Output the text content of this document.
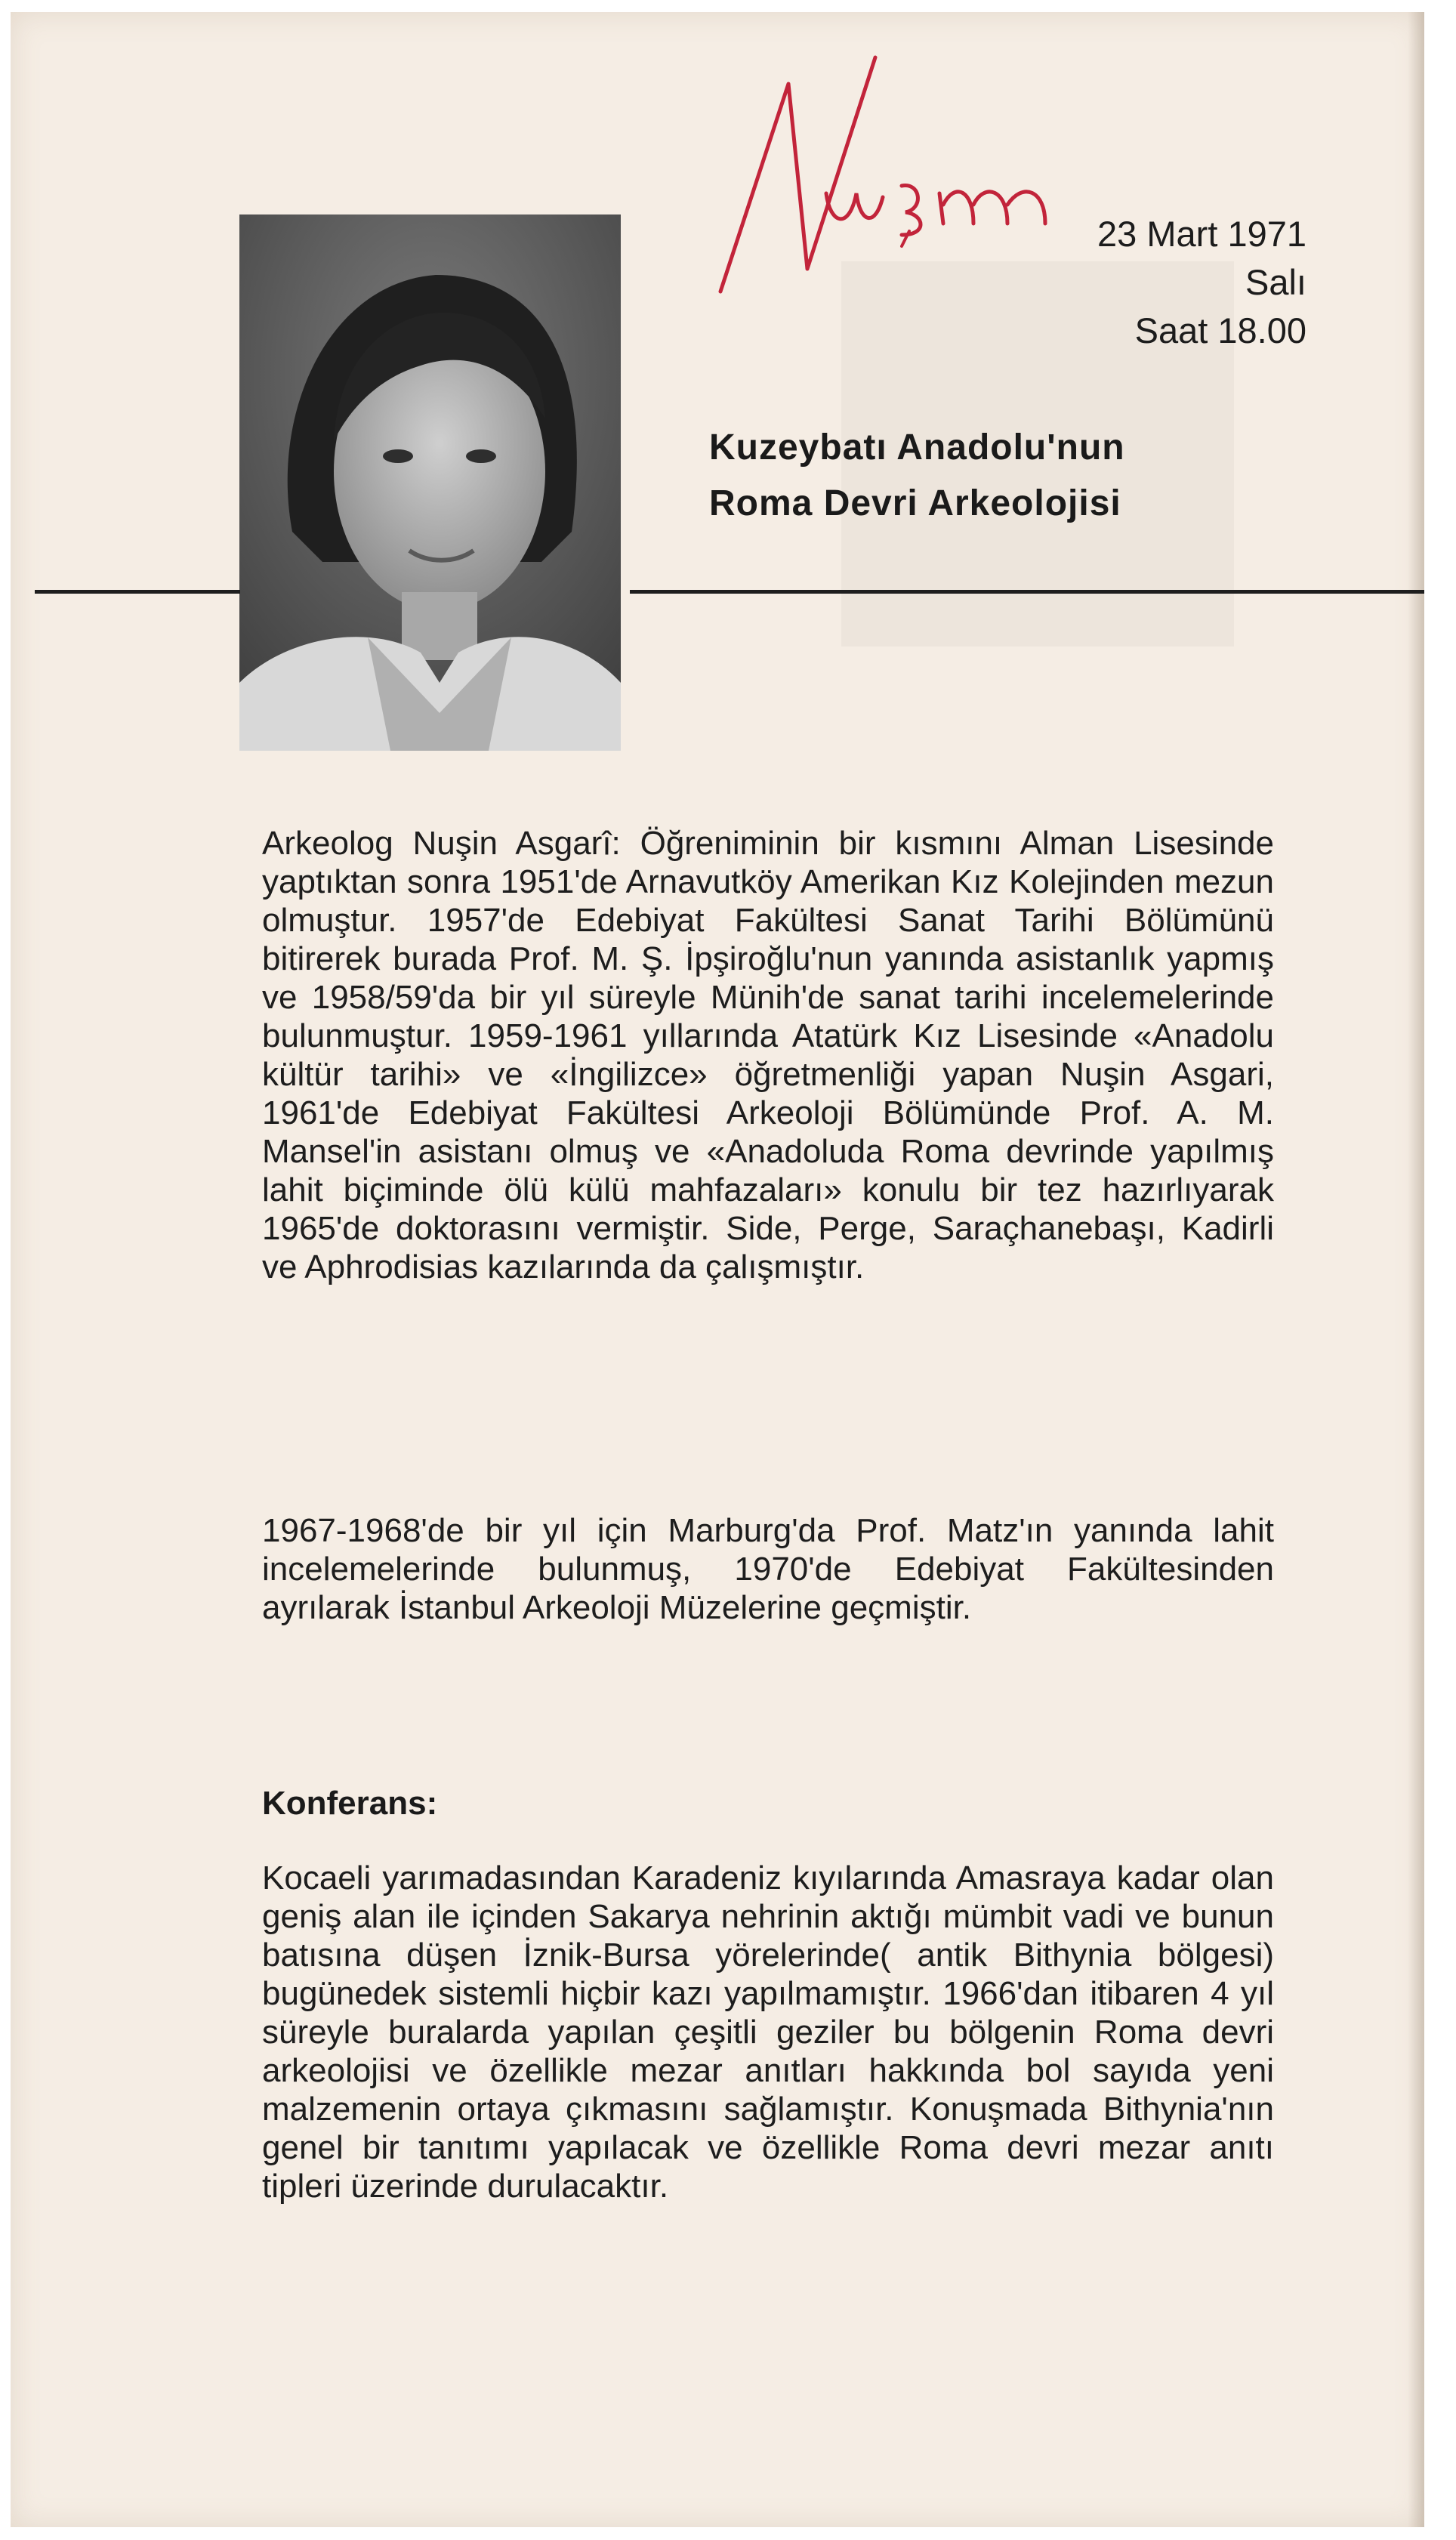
23 Mart 1971
Salı
Saat 18.00
Kuzeybatı Anadolu'nun
Roma Devri Arkeolojisi
Arkeolog Nuşin Asgarî: Öğreniminin bir kısmını Alman Lisesinde yaptıktan sonra 1951'de Arnavutköy Amerikan Kız Kolejinden mezun olmuştur. 1957'de Edebiyat Fakültesi Sanat Tarihi Bölümünü bitirerek burada Prof. M. Ş. İpşiroğlu'nun yanında asistanlık yapmış ve 1958/59'da bir yıl süreyle Münih'de sanat tarihi incelemelerinde bulunmuştur. 1959-1961 yıllarında Atatürk Kız Lisesinde «Anadolu kültür tarihi» ve «İngilizce» öğretmenliği yapan Nuşin Asgari, 1961'de Edebiyat Fakültesi Arkeoloji Bölümünde Prof. A. M. Mansel'in asistanı olmuş ve «Anadoluda Roma devrinde yapılmış lahit biçiminde ölü külü mahfazaları» konulu bir tez hazırlıyarak 1965'de doktorasını vermiştir. Side, Perge, Saraçhanebaşı, Kadirli ve Aphrodisias kazılarında da çalışmıştır.
1967-1968'de bir yıl için Marburg'da Prof. Matz'ın yanında lahit incelemelerinde bulunmuş, 1970'de Edebiyat Fakültesinden ayrılarak İstanbul Arkeoloji Müzelerine geçmiştir.
Konferans:
Kocaeli yarımadasından Karadeniz kıyılarında Amasraya kadar olan geniş alan ile içinden Sakarya nehrinin aktığı mümbit vadi ve bunun batısına düşen İznik-Bursa yörelerinde( antik Bithynia bölgesi) bugünedek sistemli hiçbir kazı yapılmamıştır. 1966'dan itibaren 4 yıl süreyle buralarda yapılan çeşitli geziler bu bölgenin Roma devri arkeolojisi ve özellikle mezar anıtları hakkında bol sayıda yeni malzemenin ortaya çıkmasını sağlamıştır. Konuşmada Bithynia'nın genel bir tanıtımı yapılacak ve özellikle Roma devri mezar anıtı tipleri üzerinde durulacaktır.
